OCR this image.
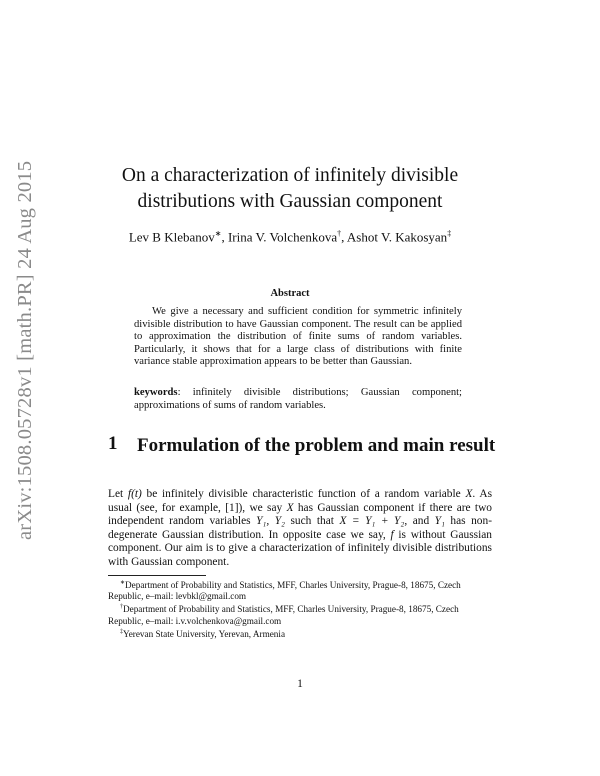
arXiv:1508.05728v1 [math.PR] 24 Aug 2015	On a characterization of infinitely divisible
distributions with Gaussian component
Lev B Klebanov∗, Irina V. Volchenkova†, Ashot V. Kakosyan‡
Abstract
We give a necessary and sufficient condition for symmetric infinitely divisible distribution to have Gaussian component. The result can be applied to approximation the distribution of finite sums of random variables. Particularly, it shows that for a large class of distributions with finite variance stable approximation appears to be better than Gaussian.
keywords: infinitely divisible distributions; Gaussian component; approximations of sums of random variables.
1 Formulation of the problem and main result
Let f(t) be infinitely divisible characteristic function of a random variable X. As usual (see, for example, [1]), we say X has Gaussian component if there are two independent random variables Y₁, Y₂ such that X = Y₁ + Y₂, and Y₁ has non-degenerate Gaussian distribution. In opposite case we say, f is without Gaussian component. Our aim is to give a characterization of infinitely divisible distributions with Gaussian component.
∗Department of Probability and Statistics, MFF, Charles University, Prague-8, 18675, Czech Republic, e–mail: levbkl@gmail.com
†Department of Probability and Statistics, MFF, Charles University, Prague-8, 18675, Czech Republic, e–mail: i.v.volchenkova@gmail.com
‡Yerevan State University, Yerevan, Armenia
1
